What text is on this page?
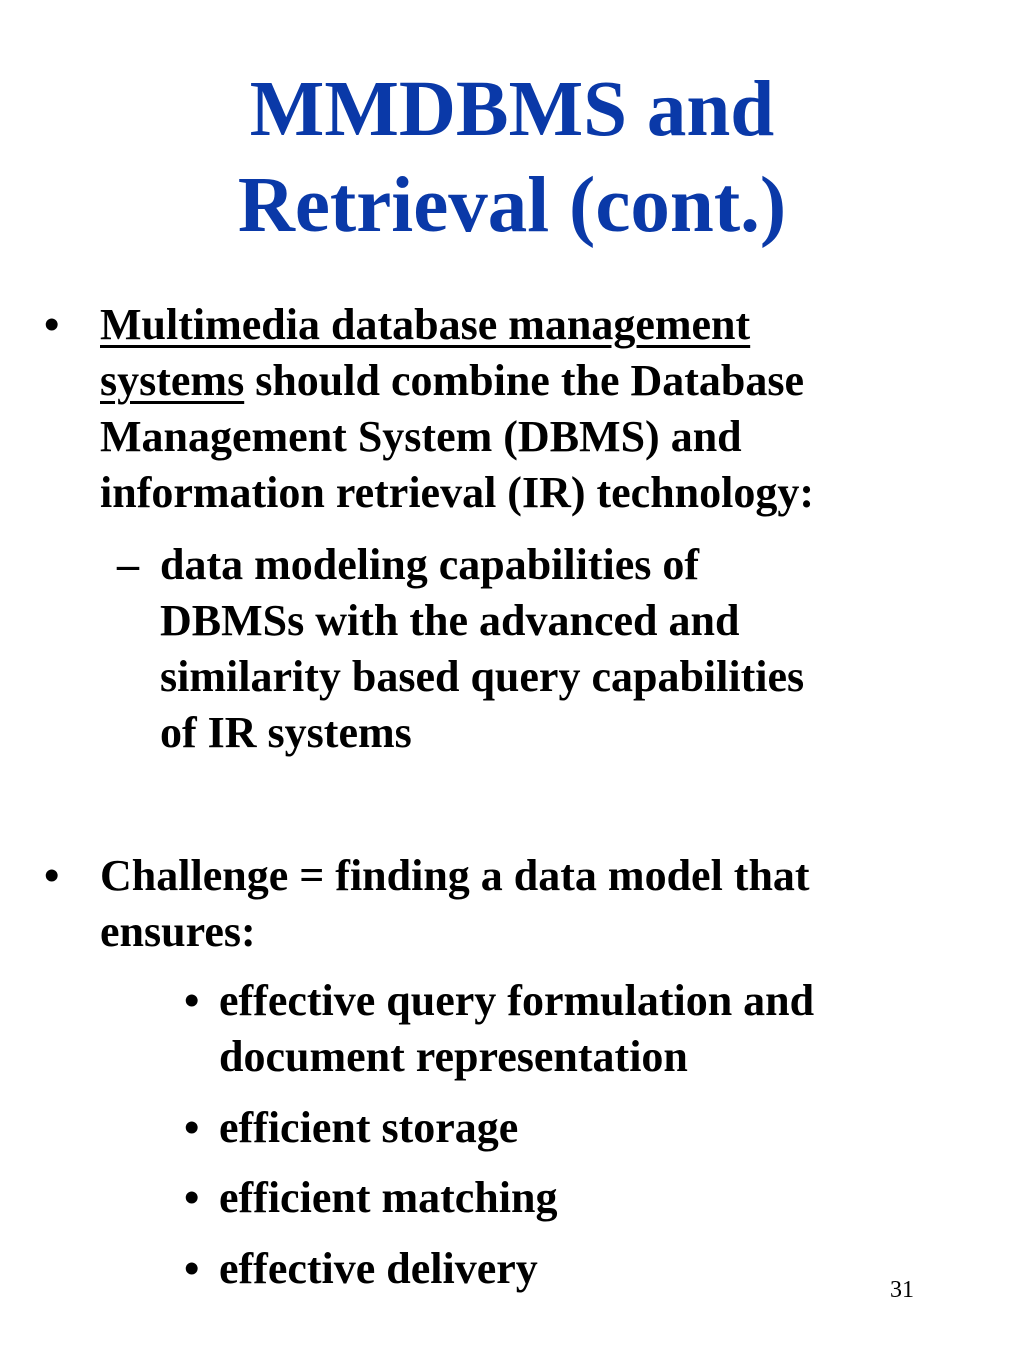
MMDBMS and
Retrieval (cont.)
• Multimedia database management
systems should combine the Database
Management System (DBMS) and
information retrieval (IR) technology:
– data modeling capabilities of
DBMSs with the advanced and
similarity based query capabilities
of IR systems
• Challenge = finding a data model that
ensures:
• effective query formulation and
document representation
• efficient storage
• efficient matching
• effective delivery	31
